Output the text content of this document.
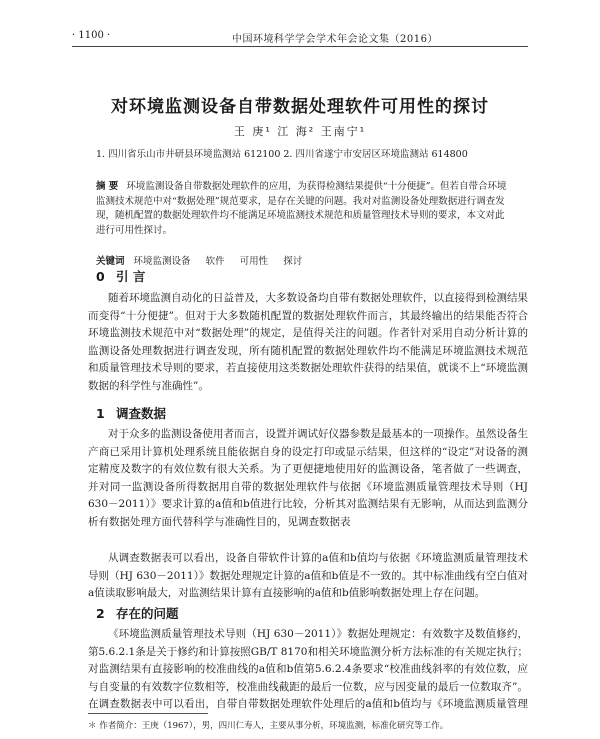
· 1100 ·	中国环境科学学会学术年会论文集（2016）
对环境监测设备自带数据处理软件可用性的探讨
王 庚¹ 江 海² 王南宁¹
1. 四川省乐山市井研县环境监测站 612100 2. 四川省遂宁市安居区环境监测站 614800
摘 要 环境监测设备自带数据处理软件的应用，为获得检测结果提供“十分便捷”。但若自带合环境监测技术规范中对“数据处理”规范要求，是存在关键的问题。我对对监测设备处理数据进行调查发现，随机配置的数据处理软件均不能满足环境监测技术规范和质量管理技术导则的要求，本文对此进行可用性探讨。
关键词 环境监测设备 软件 可用性 探讨
0 引 言
随着环境监测自动化的日益普及，大多数设备均自带有数据处理软件，以直接得到检测结果而变得“十分便捷”。但对于大多数随机配置的数据处理软件而言，其最终输出的结果能否符合环境监测技术规范中对“数据处理”的规定，是值得关注的问题。作者针对采用自动分析计算的监测设备处理数据进行调查发现，所有随机配置的数据处理软件均不能满足环境监测技术规范和质量管理技术导则的要求，若直接使用这类数据处理软件获得的结果值，就谈不上“环境监测数据的科学性与准确性”。
1 调查数据
对于众多的监测设备使用者而言，设置并调试好仪器参数是最基本的一项操作。虽然设备生产商已采用计算机处理系统且能依据自身的设定打印或显示结果，但这样的“设定”对设备的测定精度及数字的有效位数有很大关系。为了更便捷地使用好的监测设备，笔者做了一些调查，并对同一监测设备所得数据用自带的数据处理软件与依据《环境监测质量管理技术导则（HJ 630－2011）》要求计算的a值和b值进行比较，分析其对监测结果有无影响，从而达到监测分析有数据处理方面代替科学与准确性目的，见调查数据表
从调查数据表可以看出，设备自带软件计算的a值和b值均与依据《环境监测质量管理技术导则（HJ 630－2011）》数据处理规定计算的a值和b值是不一致的。其中标准曲线有空白值对a值读取影响最大，对监测结果计算有直接影响的a值和b值影响数据处理上存在问题。
2 存在的问题
《环境监测质量管理技术导则（HJ 630－2011）》数据处理规定：有效数字及数值修约，第5.6.2.1条是关于修约和计算按照GB/T 8170和相关环境监测分析方法标准的有关规定执行；对监测结果有直接影响的校准曲线的a值和b值第5.6.2.4条要求“校准曲线斜率的有效位数，应与自变量的有效数字位数相等，校准曲线截距的最后一位数，应与因变量的最后一位数取齐”。在调查数据表中可以看出，自带自带数据处理软件处理后的a值和b值均与《环境监测质量管理
＊ 作者简介：王庚（1967），男，四川仁寿人，主要从事分析，环境监测，标准化研究等工作。
